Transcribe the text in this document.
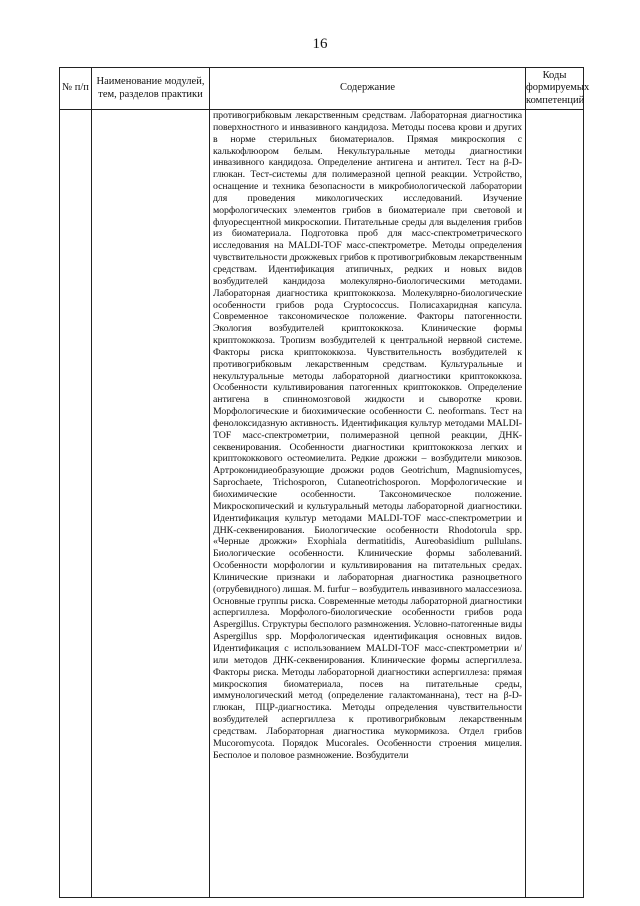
16
№ п/п	Наименование модулей, тем, разделов практики	Содержание	Коды формируемых компетенций

		противогрибковым лекарственным средствам. Лабораторная диагностика поверхностного и инвазивного кандидоза. Методы посева крови и других в норме стерильных биоматериалов. Прямая микроскопия с калькофлюором белым. Некультуральные методы диагностики инвазивного кандидоза. Определение антигена и антител. Тест на β-D-глюкан. Тест-системы для полимеразной цепной реакции. Устройство, оснащение и техника безопасности в микробиологической лаборатории для проведения микологических исследований. Изучение морфологических элементов грибов в биоматериале при световой и флуоресцентной микроскопии. Питательные среды для выделения грибов из биоматериала. Подготовка проб для масс-спектрометрического исследования на MALDI-TOF масс-спектрометре. Методы определения чувствительности дрожжевых грибов к противогрибковым лекарственным средствам. Идентификация атипичных, редких и новых видов возбудителей кандидоза молекулярно-биологическими методами. Лабораторная диагностика криптококкоза. Молекулярно-биологические особенности грибов рода Cryptococcus. Полисахаридная капсула. Современное таксономическое положение. Факторы патогенности. Экология возбудителей криптококкоза. Клинические формы криптококкоза. Тропизм возбудителей к центральной нервной системе. Факторы риска криптококкоза. Чувствительность возбудителей к противогрибковым лекарственным средствам. Культуральные и некультуральные методы лабораторной диагностики криптококкоза. Особенности культивирования патогенных криптококков. Определение антигена в спинномозговой жидкости и сыворотке крови. Морфологические и биохимические особенности C. neoformans. Тест на фенолоксидазную активность. Идентификация культур методами MALDI-TOF масс-спектрометрии, полимеразной цепной реакции, ДНК-секвенирования. Особенности диагностики криптококкоза легких и криптококкового остеомиелита. Редкие дрожжи – возбудители микозов. Артроконидиеобразующие дрожжи родов Geotrichum, Magnusiomyces, Saprochaete, Trichosporon, Cutaneotrichosporon. Морфологические и биохимические особенности. Таксономическое положение. Микроскопический и культуральный методы лабораторной диагностики. Идентификация культур методами MALDI-TOF масс-спектрометрии и ДНК-секвенирования. Биологические особенности Rhodotorula spp. «Черные дрожжи» Exophiala dermatitidis, Aureobasidium pullulans. Биологические особенности. Клинические формы заболеваний. Особенности морфологии и культивирования на питательных средах. Клинические признаки и лабораторная диагностика разноцветного (отрубевидного) лишая. M. furfur – возбудитель инвазивного малассезиоза. Основные группы риска. Современные методы лабораторной диагностики аспергиллеза. Морфолого-биологические особенности грибов рода Aspergillus. Структуры бесполого размножения. Условно-патогенные виды Aspergillus spp. Морфологическая идентификация основных видов. Идентификация с использованием MALDI-TOF масс-спектрометрии и/или методов ДНК-секвенирования. Клинические формы аспергиллеза. Факторы риска. Методы лабораторной диагностики аспергиллеза: прямая микроскопия биоматериала, посев на питательные среды, иммунологический метод (определение галактоманнана), тест на β-D-глюкан, ПЦР-диагностика. Методы определения чувствительности возбудителей аспергиллеза к противогрибковым лекарственным средствам. Лабораторная диагностика мукормикоза. Отдел грибов Mucoromycota. Порядок Mucorales. Особенности строения мицелия. Бесполое и половое размножение. Возбудители	
